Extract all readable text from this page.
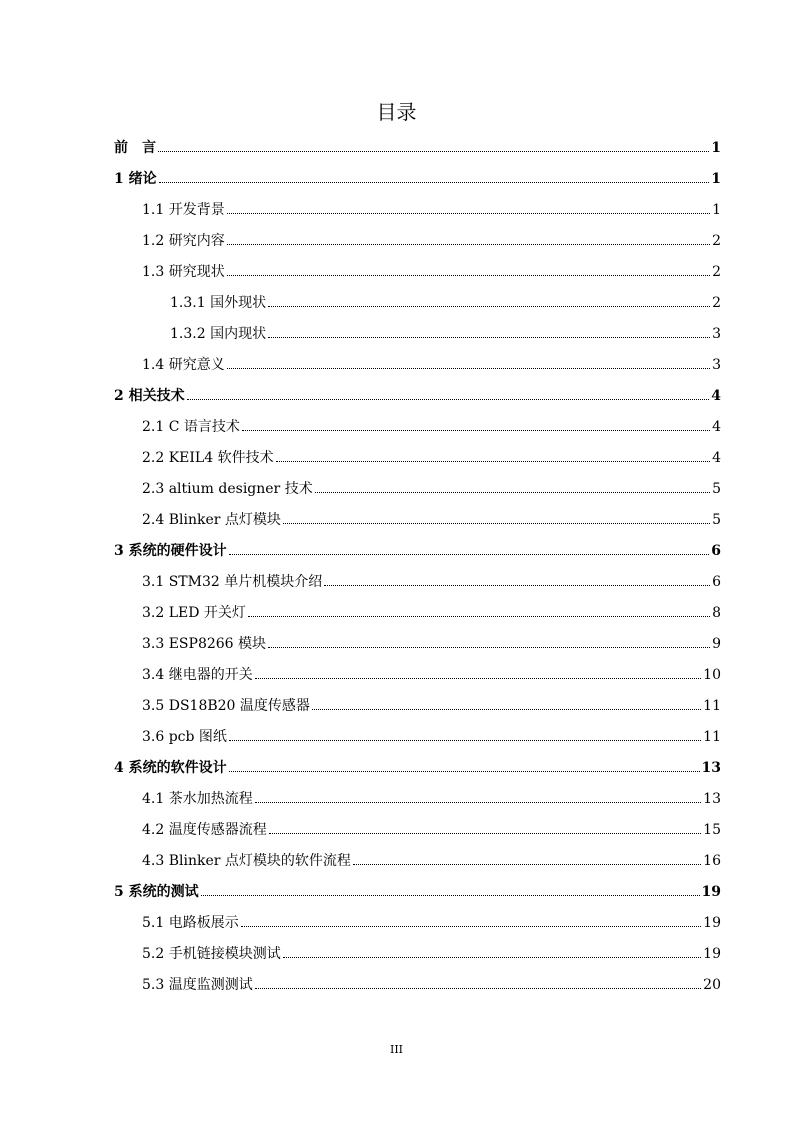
目录
前　言	1
1 绪论	1
1.1 开发背景	1
1.2 研究内容	2
1.3 研究现状	2
1.3.1 国外现状	2
1.3.2 国内现状	3
1.4 研究意义	3
2 相关技术	4
2.1 C 语言技术	4
2.2 KEIL4 软件技术	4
2.3 altium designer 技术	5
2.4 Blinker 点灯模块	5
3 系统的硬件设计	6
3.1 STM32 单片机模块介绍	6
3.2 LED 开关灯	8
3.3 ESP8266 模块	9
3.4 继电器的开关	10
3.5 DS18B20 温度传感器	11
3.6 pcb 图纸	11
4 系统的软件设计	13
4.1 茶水加热流程	13
4.2 温度传感器流程	15
4.3 Blinker 点灯模块的软件流程	16
5 系统的测试	19
5.1 电路板展示	19
5.2 手机链接模块测试	19
5.3 温度监测测试	20
III
